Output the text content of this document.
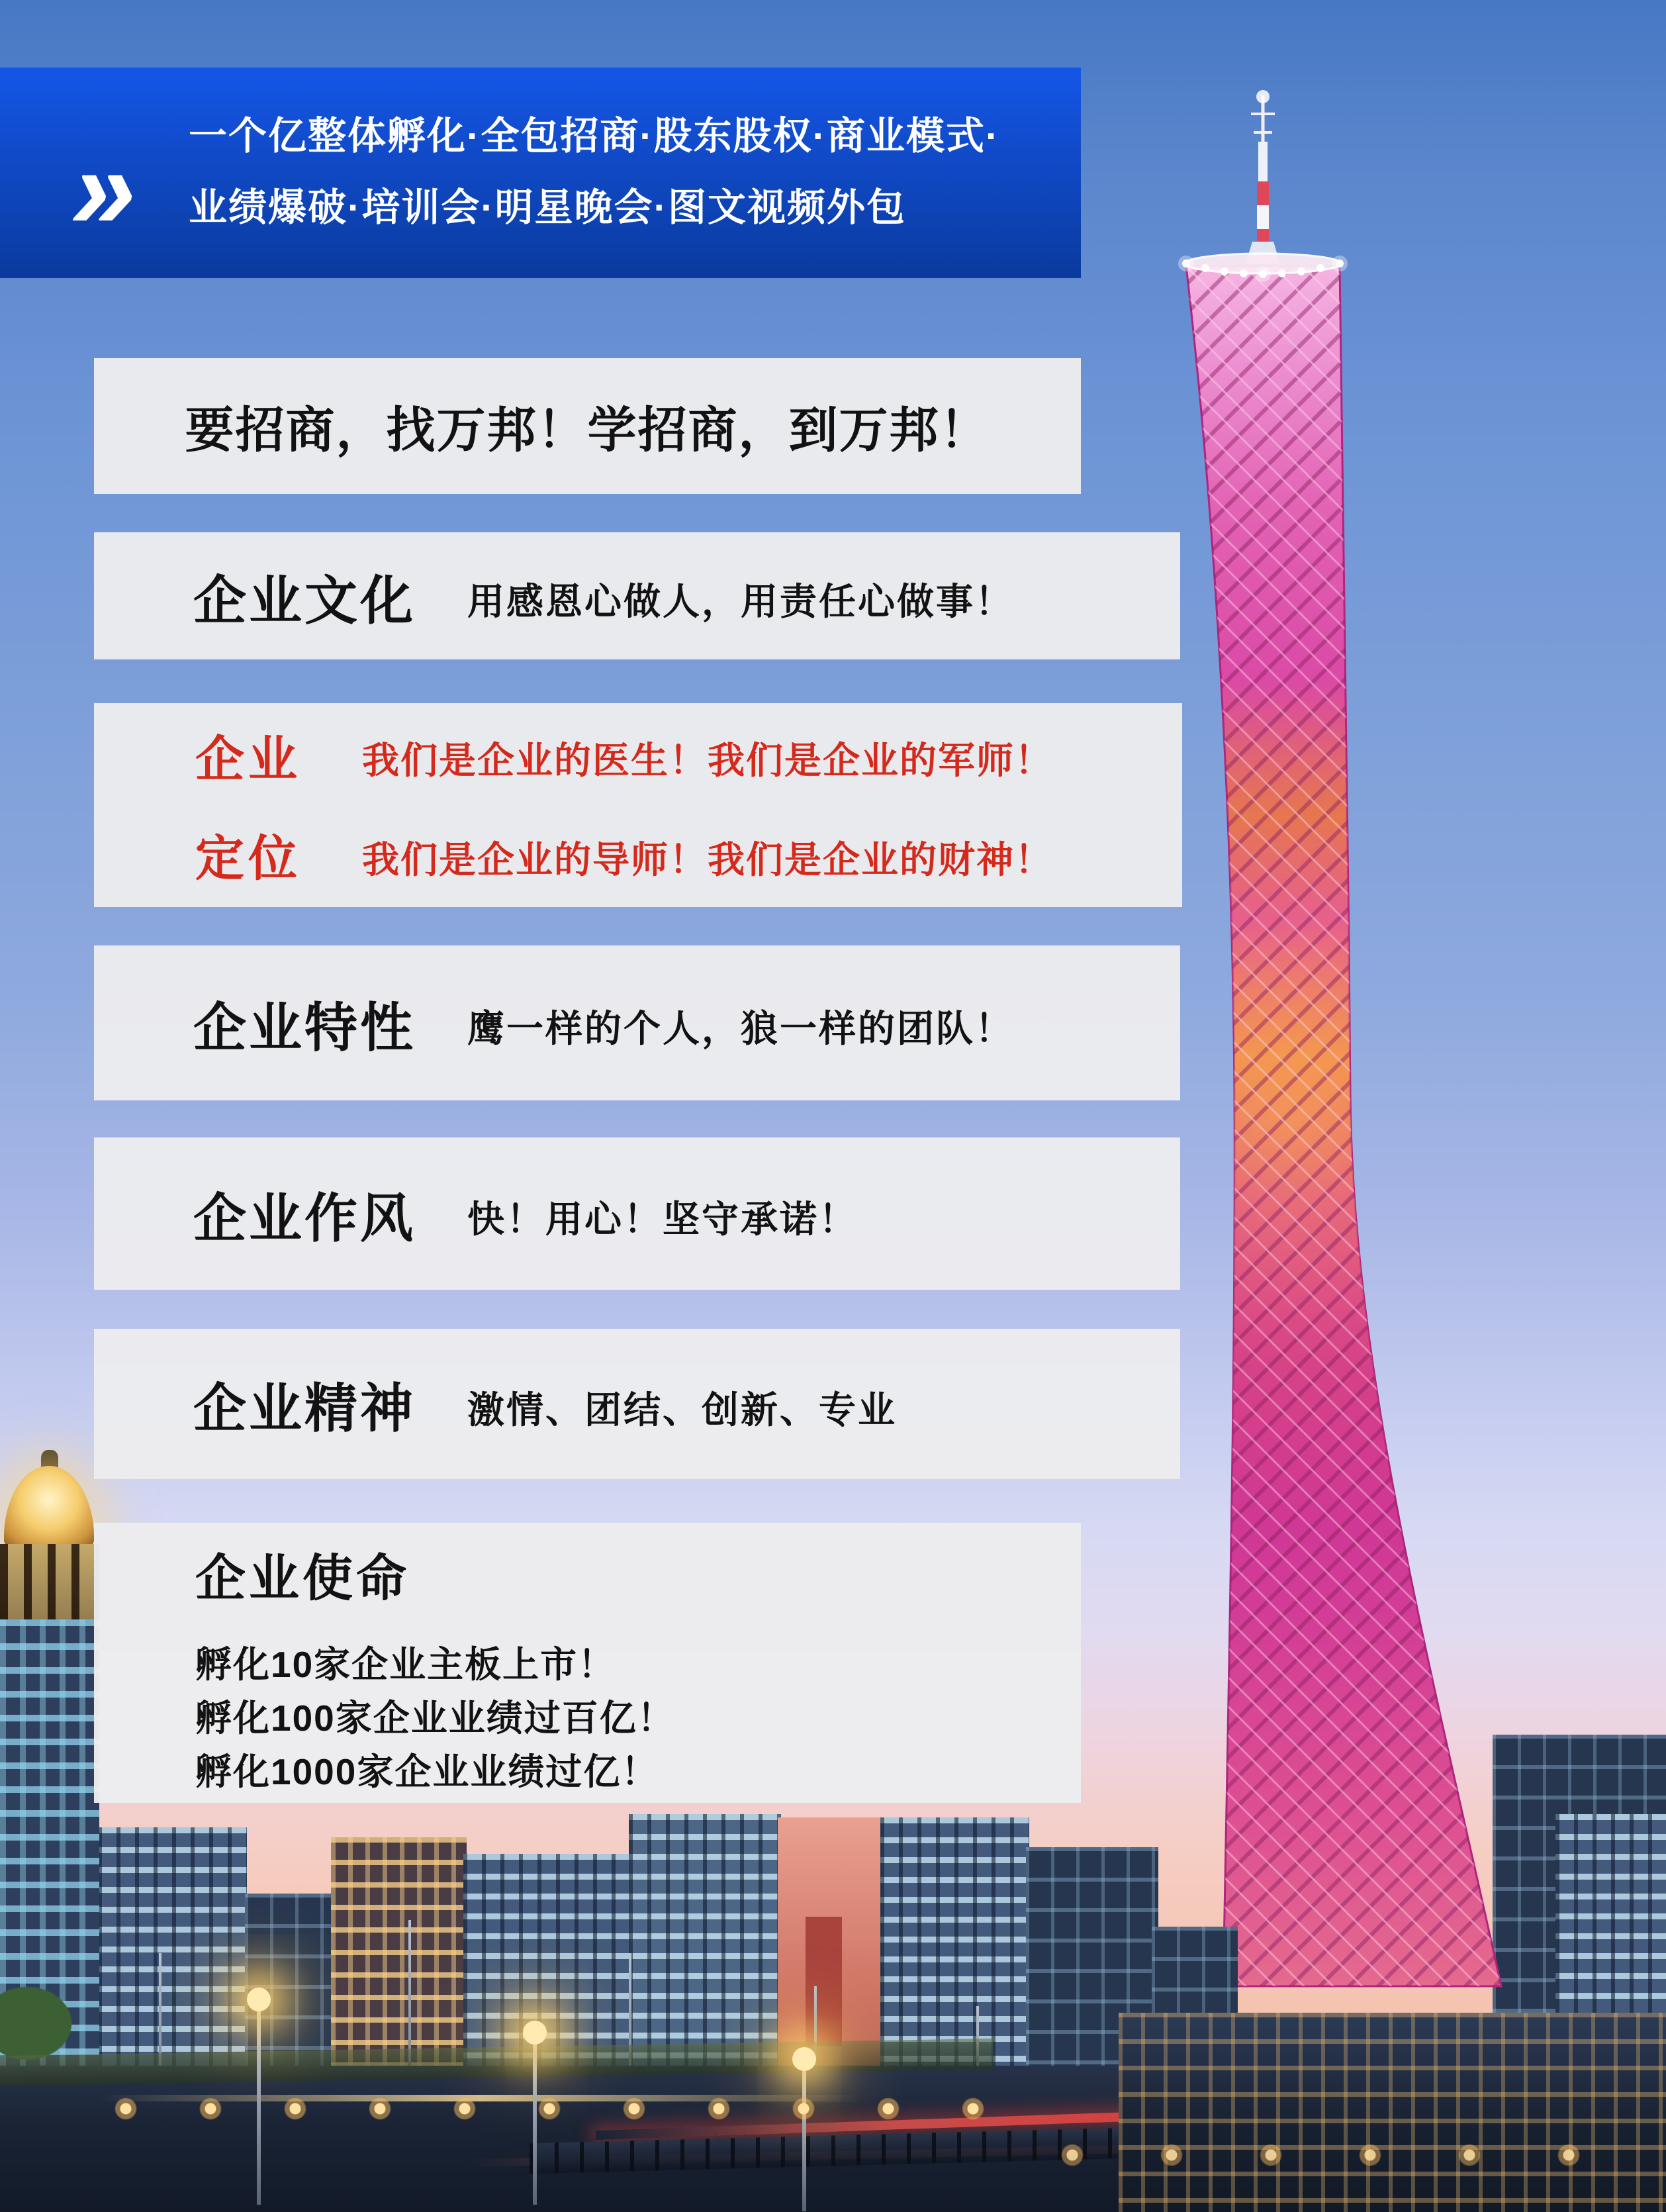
» 一个亿整体孵化·全包招商·股东股权·商业模式·
业绩爆破·培训会·明星晚会·图文视频外包
要招商，找万邦！学招商，到万邦！
企业文化 用感恩心做人，用责任心做事！
企业 我们是企业的医生！我们是企业的军师！
定位 我们是企业的导师！我们是企业的财神！
企业特性 鹰一样的个人，狼一样的团队！
企业作风 快！用心！坚守承诺！
企业精神 激情、团结、创新、专业
企业使命
孵化10家企业主板上市！
孵化100家企业业绩过百亿！
孵化1000家企业业绩过亿！
